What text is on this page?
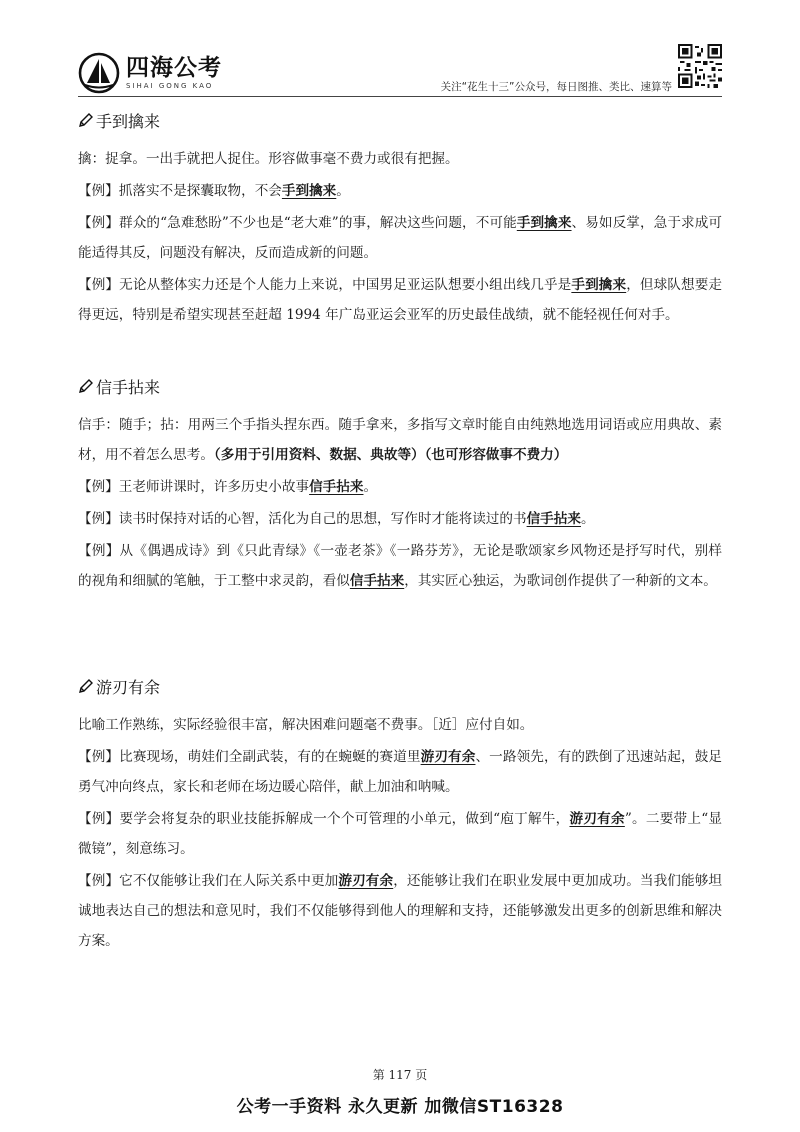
四海公考
SIHAI GONG KAO	关注“花生十三”公众号，每日图推、类比、速算等
手到擒来

擒：捉拿。一出手就把人捉住。形容做事毫不费力或很有把握。

【例】抓落实不是探囊取物，不会手到擒来。

【例】群众的“急难愁盼”不少也是“老大难”的事，解决这些问题，不可能手到擒来、易如反掌，急于求成可能适得其反，问题没有解决，反而造成新的问题。

【例】无论从整体实力还是个人能力上来说，中国男足亚运队想要小组出线几乎是手到擒来，但球队想要走得更远，特别是希望实现甚至赶超 1994 年广岛亚运会亚军的历史最佳战绩，就不能轻视任何对手。

信手拈来

信手：随手；拈：用两三个手指头捏东西。随手拿来，多指写文章时能自由纯熟地选用词语或应用典故、素材，用不着怎么思考。（多用于引用资料、数据、典故等）（也可形容做事不费力）

【例】王老师讲课时，许多历史小故事信手拈来。

【例】读书时保持对话的心智，活化为自己的思想，写作时才能将读过的书信手拈来。

【例】从《偶遇成诗》到《只此青绿》《一壶老茶》《一路芬芳》，无论是歌颂家乡风物还是抒写时代，别样的视角和细腻的笔触，于工整中求灵韵，看似信手拈来，其实匠心独运，为歌词创作提供了一种新的文本。

游刃有余

比喻工作熟练，实际经验很丰富，解决困难问题毫不费事。［近］应付自如。

【例】比赛现场，萌娃们全副武装，有的在蜿蜒的赛道里游刃有余、一路领先，有的跌倒了迅速站起，鼓足勇气冲向终点，家长和老师在场边暖心陪伴，献上加油和呐喊。

【例】要学会将复杂的职业技能拆解成一个个可管理的小单元，做到“庖丁解牛，游刃有余”。二要带上“显微镜”，刻意练习。

【例】它不仅能够让我们在人际关系中更加游刃有余，还能够让我们在职业发展中更加成功。当我们能够坦诚地表达自己的想法和意见时，我们不仅能够得到他人的理解和支持，还能够激发出更多的创新思维和解决方案。

第 117 页
公考一手资料 永久更新 加微信ST16328
